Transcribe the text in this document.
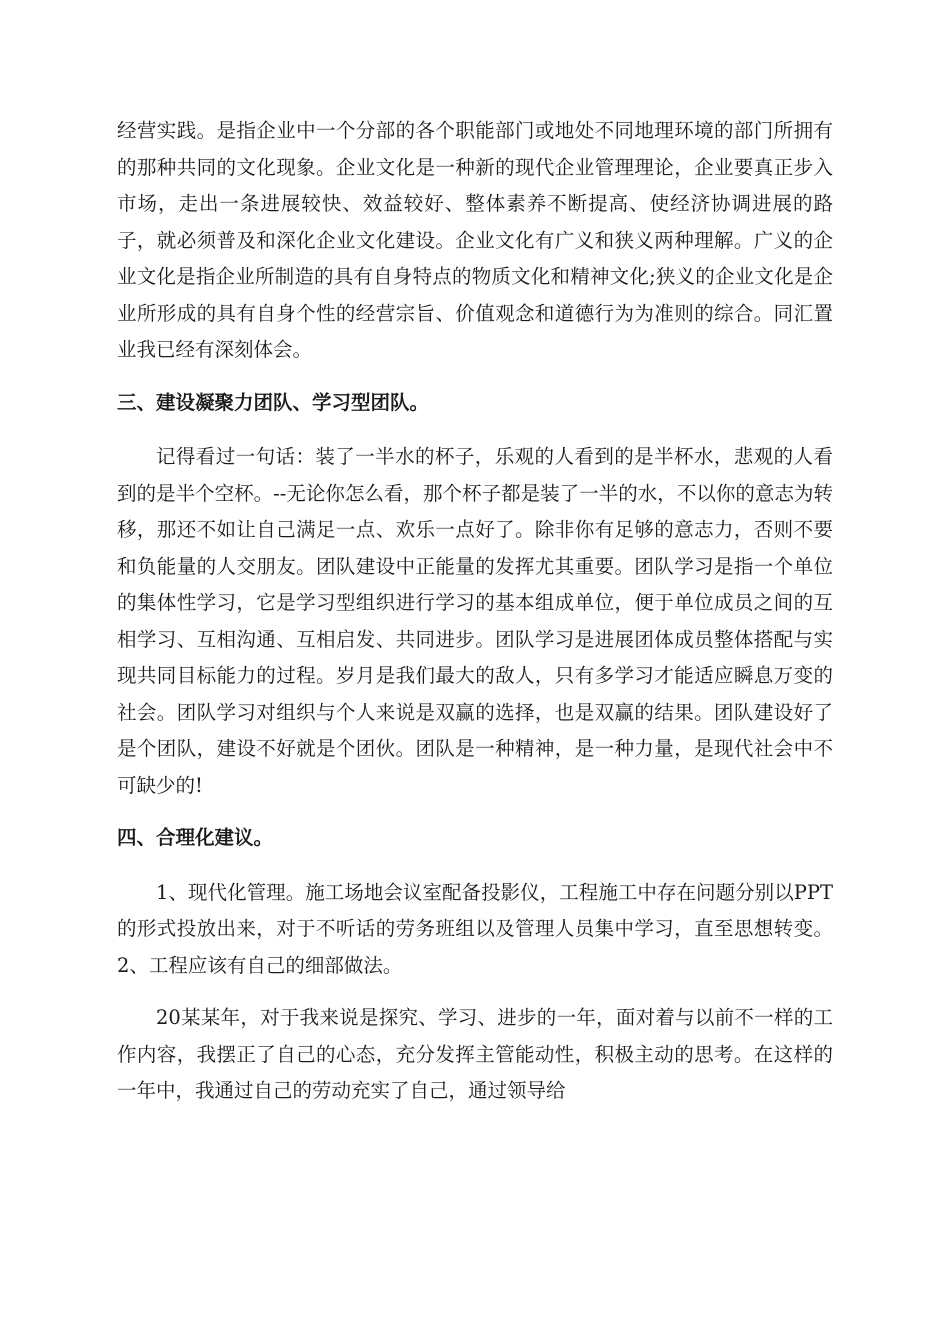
经营实践。是指企业中一个分部的各个职能部门或地处不同地理环境的部门所拥有的那种共同的文化现象。企业文化是一种新的现代企业管理理论，企业要真正步入市场，走出一条进展较快、效益较好、整体素养不断提高、使经济协调进展的路子，就必须普及和深化企业文化建设。企业文化有广义和狭义两种理解。广义的企业文化是指企业所制造的具有自身特点的物质文化和精神文化;狭义的企业文化是企业所形成的具有自身个性的经营宗旨、价值观念和道德行为为准则的综合。同汇置业我已经有深刻体会。

三、建设凝聚力团队、学习型团队。

记得看过一句话：装了一半水的杯子，乐观的人看到的是半杯水，悲观的人看到的是半个空杯。--无论你怎么看，那个杯子都是装了一半的水，不以你的意志为转移，那还不如让自己满足一点、欢乐一点好了。除非你有足够的意志力，否则不要和负能量的人交朋友。团队建设中正能量的发挥尤其重要。团队学习是指一个单位的集体性学习，它是学习型组织进行学习的基本组成单位，便于单位成员之间的互相学习、互相沟通、互相启发、共同进步。团队学习是进展团体成员整体搭配与实现共同目标能力的过程。岁月是我们最大的敌人，只有多学习才能适应瞬息万变的社会。团队学习对组织与个人来说是双赢的选择，也是双赢的结果。团队建设好了是个团队，建设不好就是个团伙。团队是一种精神，是一种力量，是现代社会中不可缺少的!

四、合理化建议。

1、现代化管理。施工场地会议室配备投影仪，工程施工中存在问题分别以PPT的形式投放出来，对于不听话的劳务班组以及管理人员集中学习，直至思想转变。2、工程应该有自己的细部做法。

20某某年，对于我来说是探究、学习、进步的一年，面对着与以前不一样的工作内容，我摆正了自己的心态，充分发挥主管能动性，积极主动的思考。在这样的一年中，我通过自己的劳动充实了自己，通过领导给
